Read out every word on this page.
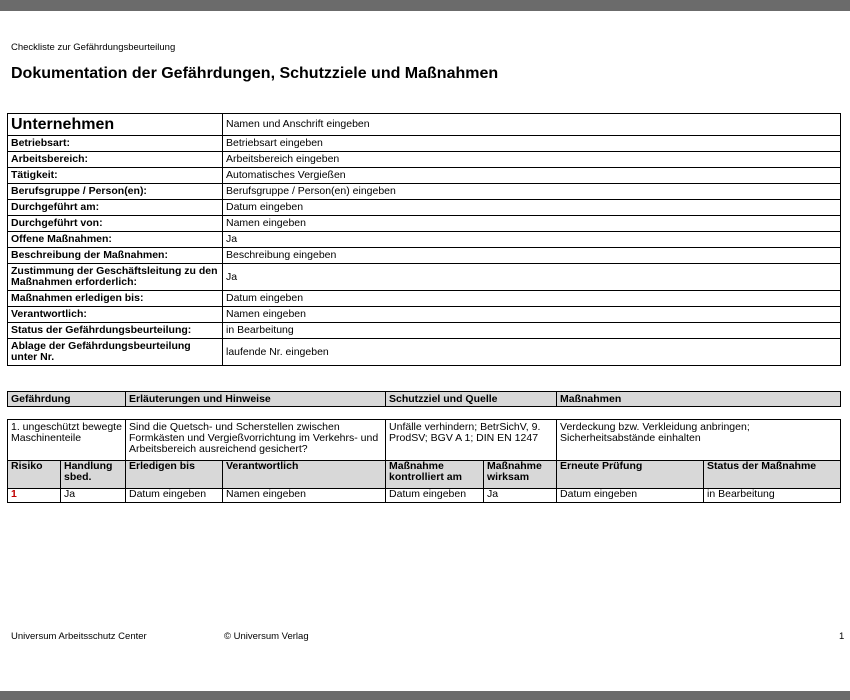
Checkliste zur Gefährdungsbeurteilung
Dokumentation der Gefährdungen, Schutzziele und Maßnahmen
Unternehmen	Namen und Anschrift eingeben
Betriebsart:	Betriebsart eingeben
Arbeitsbereich:	Arbeitsbereich eingeben
Tätigkeit:	Automatisches Vergießen
Berufsgruppe / Person(en):	Berufsgruppe / Person(en) eingeben
Durchgeführt am:	Datum eingeben
Durchgeführt von:	Namen eingeben
Offene Maßnahmen:	Ja
Beschreibung der Maßnahmen:	Beschreibung eingeben
Zustimmung der Geschäftsleitung zu den Maßnahmen erforderlich:	Ja
Maßnahmen erledigen bis:	Datum eingeben
Verantwortlich:	Namen eingeben
Status der Gefährdungsbeurteilung:	in Bearbeitung
Ablage der Gefährdungsbeurteilung unter Nr.	laufende Nr. eingeben
Gefährdung	Erläuterungen und Hinweise	Schutzziel und Quelle	Maßnahmen
1. ungeschützt bewegte Maschinenteile		Sind die Quetsch- und Scherstellen zwischen Formkästen und Vergießvorrichtung im Verkehrs- und Arbeitsbereich ausreichend gesichert?		Unfälle verhindern; BetrSichV, 9. ProdSV; BGV A 1; DIN EN 1247		Verdeckung bzw. Verkleidung anbringen; Sicherheitsabstände einhalten	
Risiko	Handlung sbed.	Erledigen bis	Verantwortlich	Maßnahme kontrolliert am	Maßnahme wirksam	Erneute Prüfung	Status der Maßnahme
1	Ja	Datum eingeben	Namen eingeben	Datum eingeben	Ja	Datum eingeben	in Bearbeitung
Universum Arbeitsschutz Center	© Universum Verlag	1
